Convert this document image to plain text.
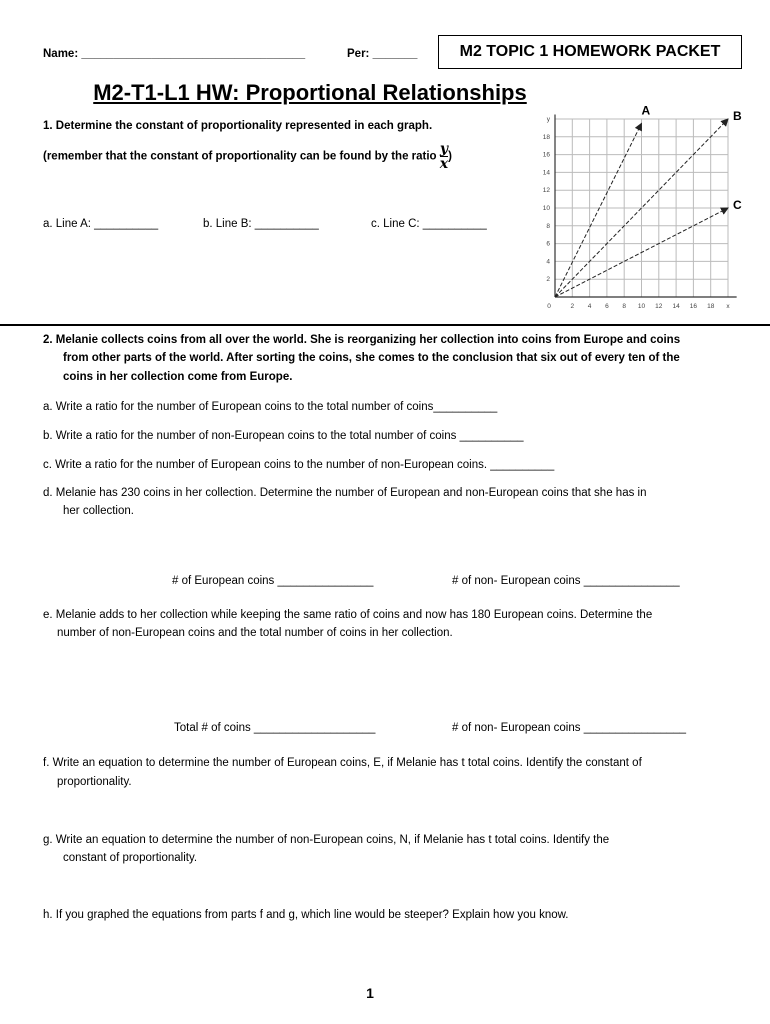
Name: ___________________________________	Per: _______	M2 TOPIC 1 HOMEWORK PACKET
M2-T1-L1 HW: Proportional Relationships
1. Determine the constant of proportionality represented in each graph.
(remember that the constant of proportionality can be found by the ratio $\frac{y}{x}$ )
a. Line A: __________	b. Line B: __________	c. Line C: __________
0	2 4 6 8 10 12 14 16 18 x
2
4
6
8
10
12
14
16
18
y
A	B
C
2. Melanie collects coins from all over the world. She is reorganizing her collection into coins from Europe and coins
from other parts of the world. After sorting the coins, she comes to the conclusion that six out of every ten of the
coins in her collection come from Europe.
a. Write a ratio for the number of European coins to the total number of coins__________
b. Write a ratio for the number of non-European coins to the total number of coins __________
c. Write a ratio for the number of European coins to the number of non-European coins. __________
d. Melanie has 230 coins in her collection. Determine the number of European and non-European coins that she has in
her collection.
# of European coins _______________	# of non- European coins _______________
e. Melanie adds to her collection while keeping the same ratio of coins and now has 180 European coins. Determine the
number of non-European coins and the total number of coins in her collection.
Total # of coins ___________________	# of non- European coins ________________
f. Write an equation to determine the number of European coins, E, if Melanie has t total coins. Identify the constant of
proportionality.
g. Write an equation to determine the number of non-European coins, N, if Melanie has t total coins. Identify the
constant of proportionality.
h. If you graphed the equations from parts f and g, which line would be steeper? Explain how you know.
1
